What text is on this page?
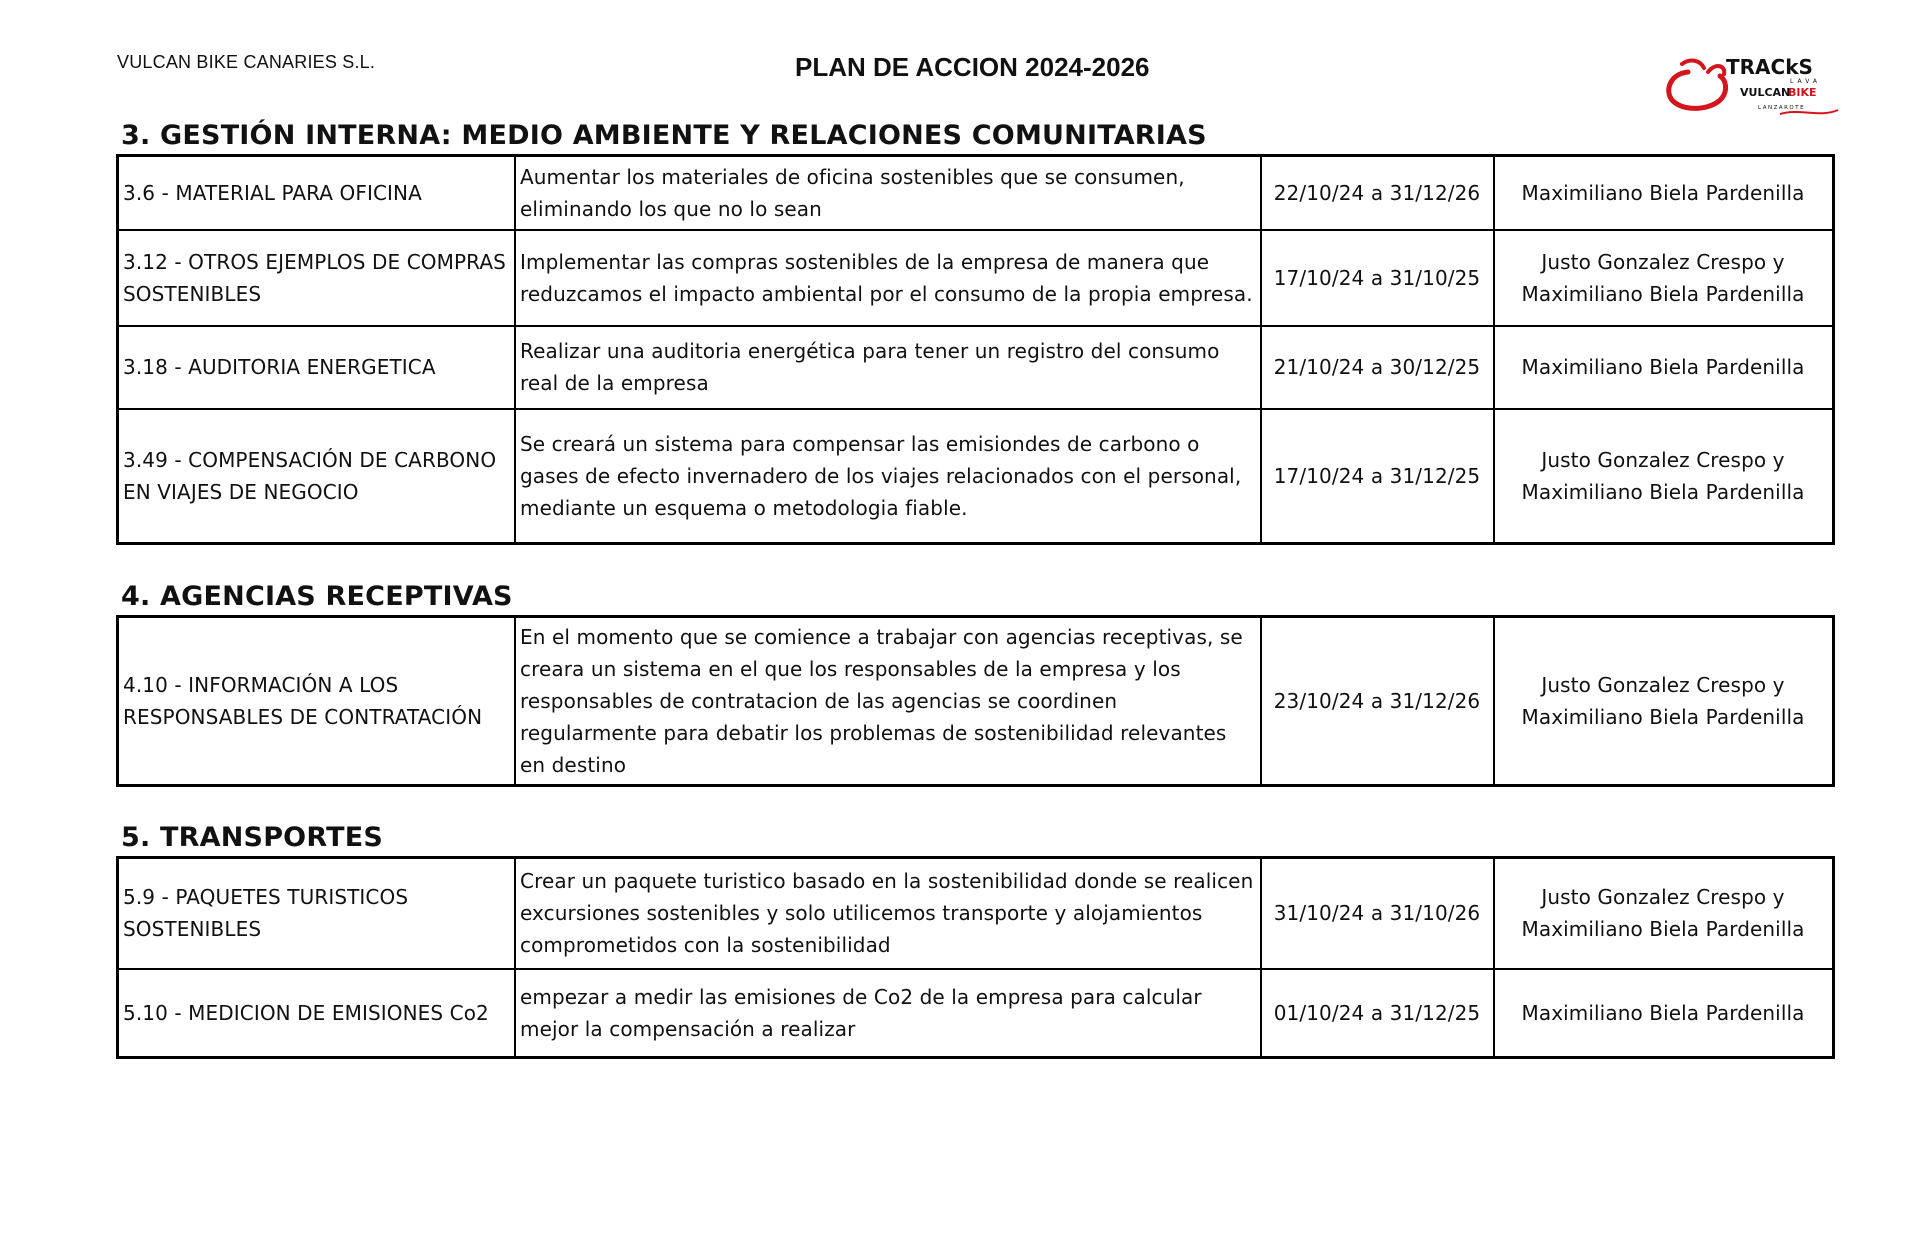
VULCAN BIKE CANARIES S.L.	PLAN DE ACCION 2024-2026	TRACkS
LAVA
VULCAN
BIKE
LANZAROTE
3. GESTIÓN INTERNA: MEDIO AMBIENTE Y RELACIONES COMUNITARIAS
3.6 - MATERIAL PARA OFICINA	Aumentar los materiales de oficina sostenibles que se consumen, eliminando los que no lo sean	22/10/24 a 31/12/26	Maximiliano Biela Pardenilla
3.12 - OTROS EJEMPLOS DE COMPRAS SOSTENIBLES	Implementar las compras sostenibles de la empresa de manera que reduzcamos el impacto ambiental por el consumo de la propia empresa.	17/10/24 a 31/10/25	Justo Gonzalez Crespo y Maximiliano Biela Pardenilla
3.18 - AUDITORIA ENERGETICA	Realizar una auditoria energética para tener un registro del consumo real de la empresa	21/10/24 a 30/12/25	Maximiliano Biela Pardenilla
3.49 - COMPENSACIÓN DE CARBONO EN VIAJES DE NEGOCIO	Se creará un sistema para compensar las emisiondes de carbono o gases de efecto invernadero de los viajes relacionados con el personal, mediante un esquema o metodologia fiable.	17/10/24 a 31/12/25	Justo Gonzalez Crespo y Maximiliano Biela Pardenilla
4. AGENCIAS RECEPTIVAS
4.10 - INFORMACIÓN A LOS RESPONSABLES DE CONTRATACIÓN	En el momento que se comience a trabajar con agencias receptivas, se creara un sistema en el que los responsables de la empresa y los responsables de contratacion de las agencias se coordinen regularmente para debatir los problemas de sostenibilidad relevantes en destino	23/10/24 a 31/12/26	Justo Gonzalez Crespo y Maximiliano Biela Pardenilla
5. TRANSPORTES
5.9 - PAQUETES TURISTICOS SOSTENIBLES	Crear un paquete turistico basado en la sostenibilidad donde se realicen excursiones sostenibles y solo utilicemos transporte y alojamientos comprometidos con la sostenibilidad	31/10/24 a 31/10/26	Justo Gonzalez Crespo y Maximiliano Biela Pardenilla
5.10 - MEDICION DE EMISIONES Co2	empezar a medir las emisiones de Co2 de la empresa para calcular mejor la compensación a realizar	01/10/24 a 31/12/25	Maximiliano Biela Pardenilla
